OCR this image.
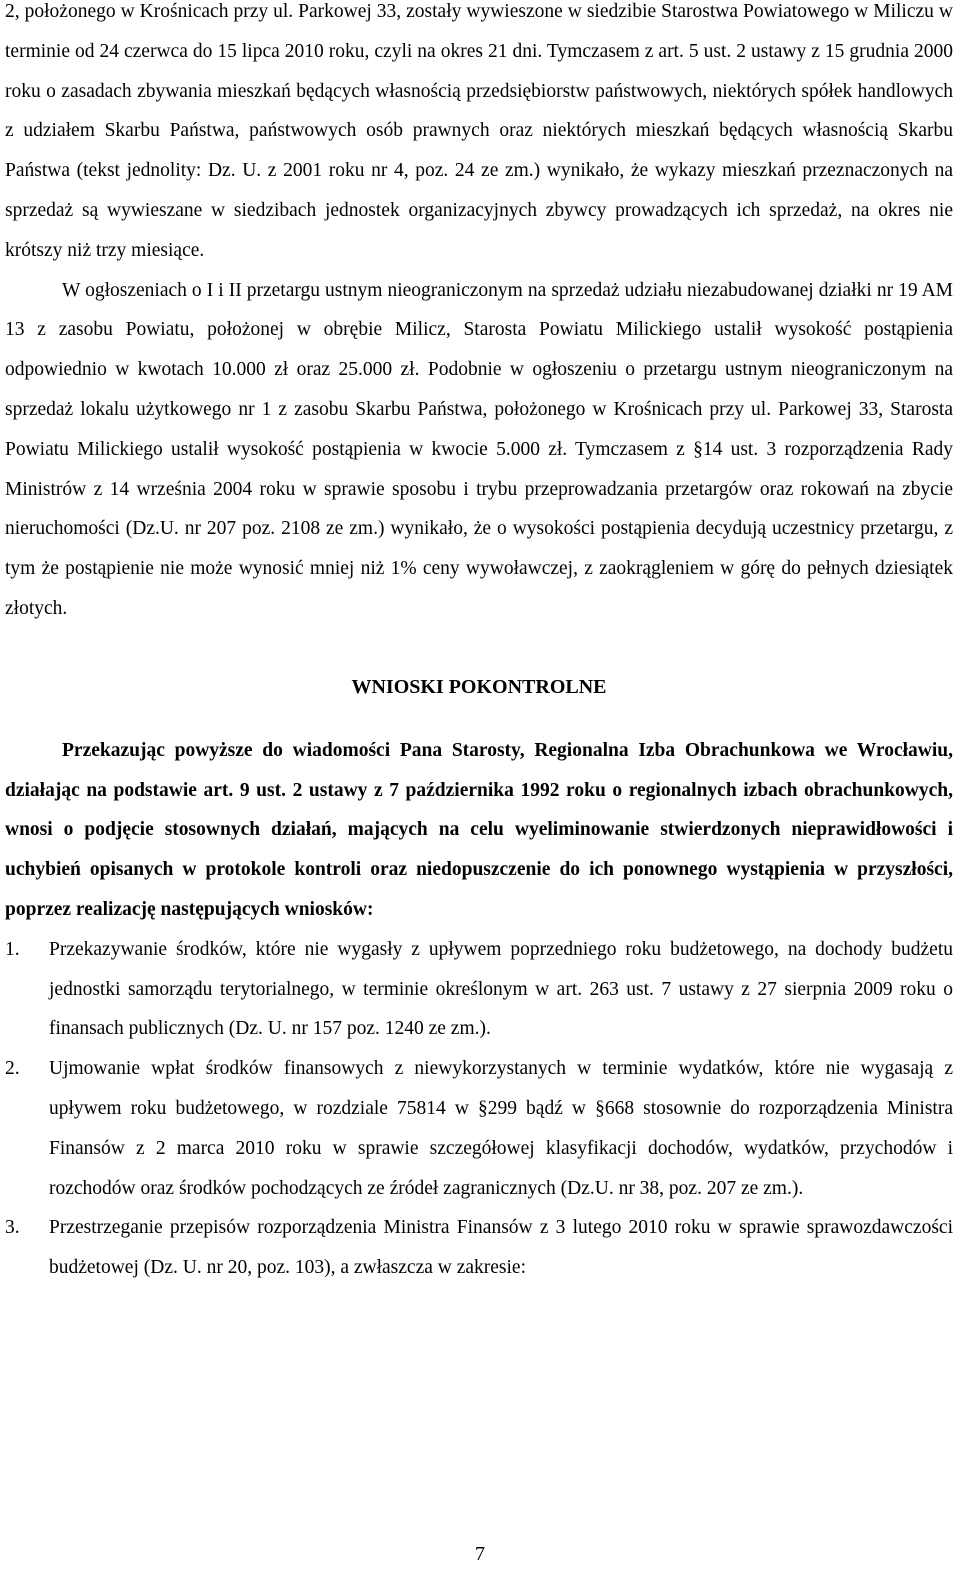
2, położonego w Krośnicach przy ul. Parkowej 33, zostały wywieszone w siedzibie Starostwa Powiatowego w Miliczu w terminie od 24 czerwca do 15 lipca 2010 roku, czyli na okres 21 dni. Tymczasem z art. 5 ust. 2 ustawy z 15 grudnia 2000 roku o zasadach zbywania mieszkań będących własnością przedsiębiorstw państwowych, niektórych spółek handlowych z udziałem Skarbu Państwa, państwowych osób prawnych oraz niektórych mieszkań będących własnością Skarbu Państwa (tekst jednolity: Dz. U. z 2001 roku nr 4, poz. 24 ze zm.) wynikało, że wykazy mieszkań przeznaczonych na sprzedaż są wywieszane w siedzibach jednostek organizacyjnych zbywcy prowadzących ich sprzedaż, na okres nie krótszy niż trzy miesiące.

W ogłoszeniach o I i II przetargu ustnym nieograniczonym na sprzedaż udziału niezabudowanej działki nr 19 AM 13 z zasobu Powiatu, położonej w obrębie Milicz, Starosta Powiatu Milickiego ustalił wysokość postąpienia odpowiednio w kwotach 10.000 zł oraz 25.000 zł. Podobnie w ogłoszeniu o przetargu ustnym nieograniczonym na sprzedaż lokalu użytkowego nr 1 z zasobu Skarbu Państwa, położonego w Krośnicach przy ul. Parkowej 33, Starosta Powiatu Milickiego ustalił wysokość postąpienia w kwocie 5.000 zł. Tymczasem z §14 ust. 3 rozporządzenia Rady Ministrów z 14 września 2004 roku w sprawie sposobu i trybu przeprowadzania przetargów oraz rokowań na zbycie nieruchomości (Dz.U. nr 207 poz. 2108 ze zm.) wynikało, że o wysokości postąpienia decydują uczestnicy przetargu, z tym że postąpienie nie może wynosić mniej niż 1% ceny wywoławczej, z zaokrągleniem w górę do pełnych dziesiątek złotych.

WNIOSKI POKONTROLNE

Przekazując powyższe do wiadomości Pana Starosty, Regionalna Izba Obrachunkowa we Wrocławiu, działając na podstawie art. 9 ust. 2 ustawy z 7 października 1992 roku o regionalnych izbach obrachunkowych, wnosi o podjęcie stosownych działań, mających na celu wyeliminowanie stwierdzonych nieprawidłowości i uchybień opisanych w protokole kontroli oraz niedopuszczenie do ich ponownego wystąpienia w przyszłości, poprzez realizację następujących wniosków:

1. Przekazywanie środków, które nie wygasły z upływem poprzedniego roku budżetowego, na dochody budżetu jednostki samorządu terytorialnego, w terminie określonym w art. 263 ust. 7 ustawy z 27 sierpnia 2009 roku o finansach publicznych (Dz. U. nr 157 poz. 1240 ze zm.).
2. Ujmowanie wpłat środków finansowych z niewykorzystanych w terminie wydatków, które nie wygasają z upływem roku budżetowego, w rozdziale 75814 w §299 bądź w §668 stosownie do rozporządzenia Ministra Finansów z 2 marca 2010 roku w sprawie szczegółowej klasyfikacji dochodów, wydatków, przychodów i rozchodów oraz środków pochodzących ze źródeł zagranicznych (Dz.U. nr 38, poz. 207 ze zm.).
3. Przestrzeganie przepisów rozporządzenia Ministra Finansów z 3 lutego 2010 roku w sprawie sprawozdawczości budżetowej (Dz. U. nr 20, poz. 103), a zwłaszcza w zakresie:
7
